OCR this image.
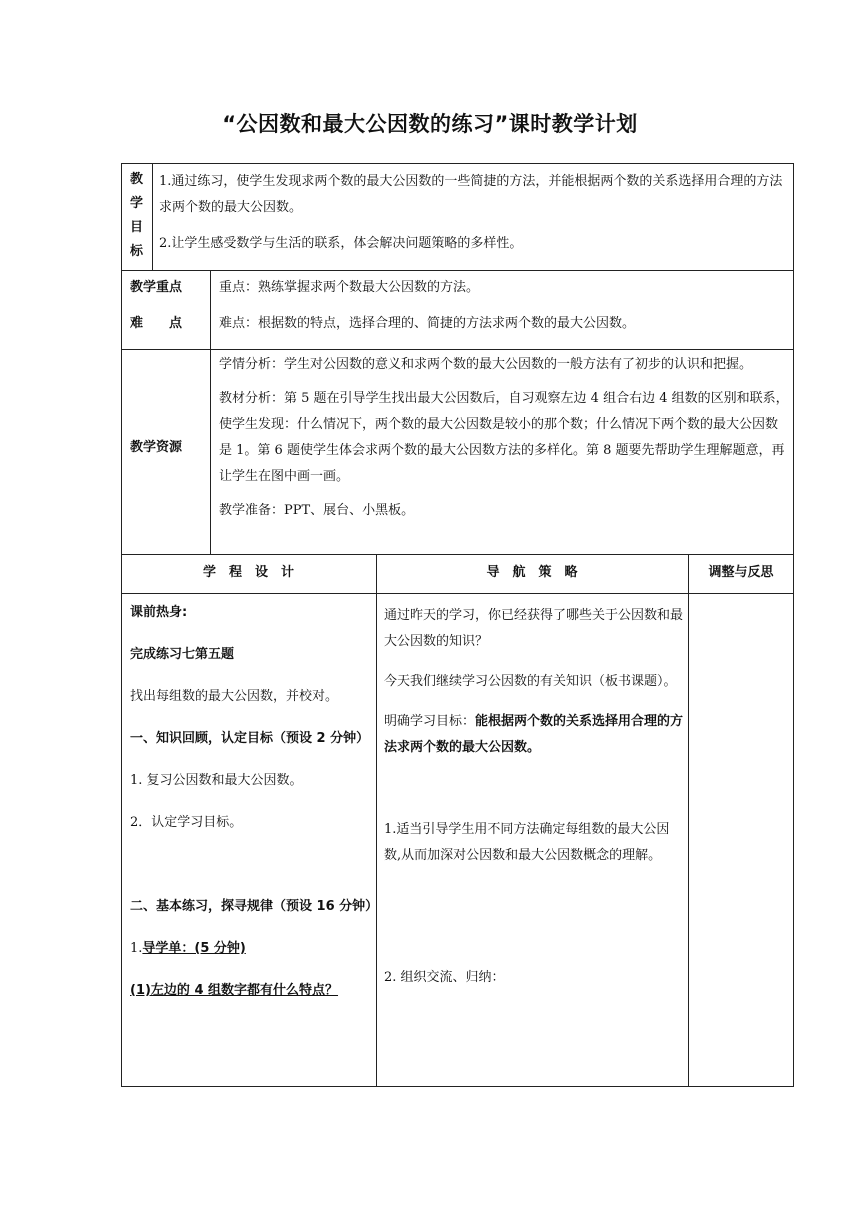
“公因数和最大公因数的练习”课时教学计划

教

学

目

标

1.通过练习，使学生发现求两个数的最大公因数的一些简捷的方法，并能根据两个数的关系选择用合理的方法求两个数的最大公因数。

2.让学生感受数学与生活的联系，体会解决问题策略的多样性。

教学重点

难　　点

重点：熟练掌握求两个数最大公因数的方法。

难点：根据数的特点，选择合理的、简捷的方法求两个数的最大公因数。

教学资源

学情分析：学生对公因数的意义和求两个数的最大公因数的一般方法有了初步的认识和把握。

教材分析：第 5 题在引导学生找出最大公因数后，自习观察左边 4 组合右边 4 组数的区别和联系，使学生发现：什么情况下，两个数的最大公因数是较小的那个数；什么情况下两个数的最大公因数是 1。第 6 题使学生体会求两个数的最大公因数方法的多样化。第 8 题要先帮助学生理解题意，再让学生在图中画一画。

教学准备：PPT、展台、小黑板。

学　程　设　计	导　航　策　略	调整与反思

课前热身:

完成练习七第五题

找出每组数的最大公因数，并校对。

一、知识回顾，认定目标（预设 2 分钟）

1. 复习公因数和最大公因数。

2．认定学习目标。

二、基本练习，探寻规律（预设 16 分钟）

1.导学单：(5 分钟)

(1)左边的 4 组数字都有什么特点？

通过昨天的学习，你已经获得了哪些关于公因数和最大公因数的知识？

今天我们继续学习公因数的有关知识（板书课题）。

明确学习目标：能根据两个数的关系选择用合理的方法求两个数的最大公因数。

1.适当引导学生用不同方法确定每组数的最大公因数,从而加深对公因数和最大公因数概念的理解。

2. 组织交流、归纳：
